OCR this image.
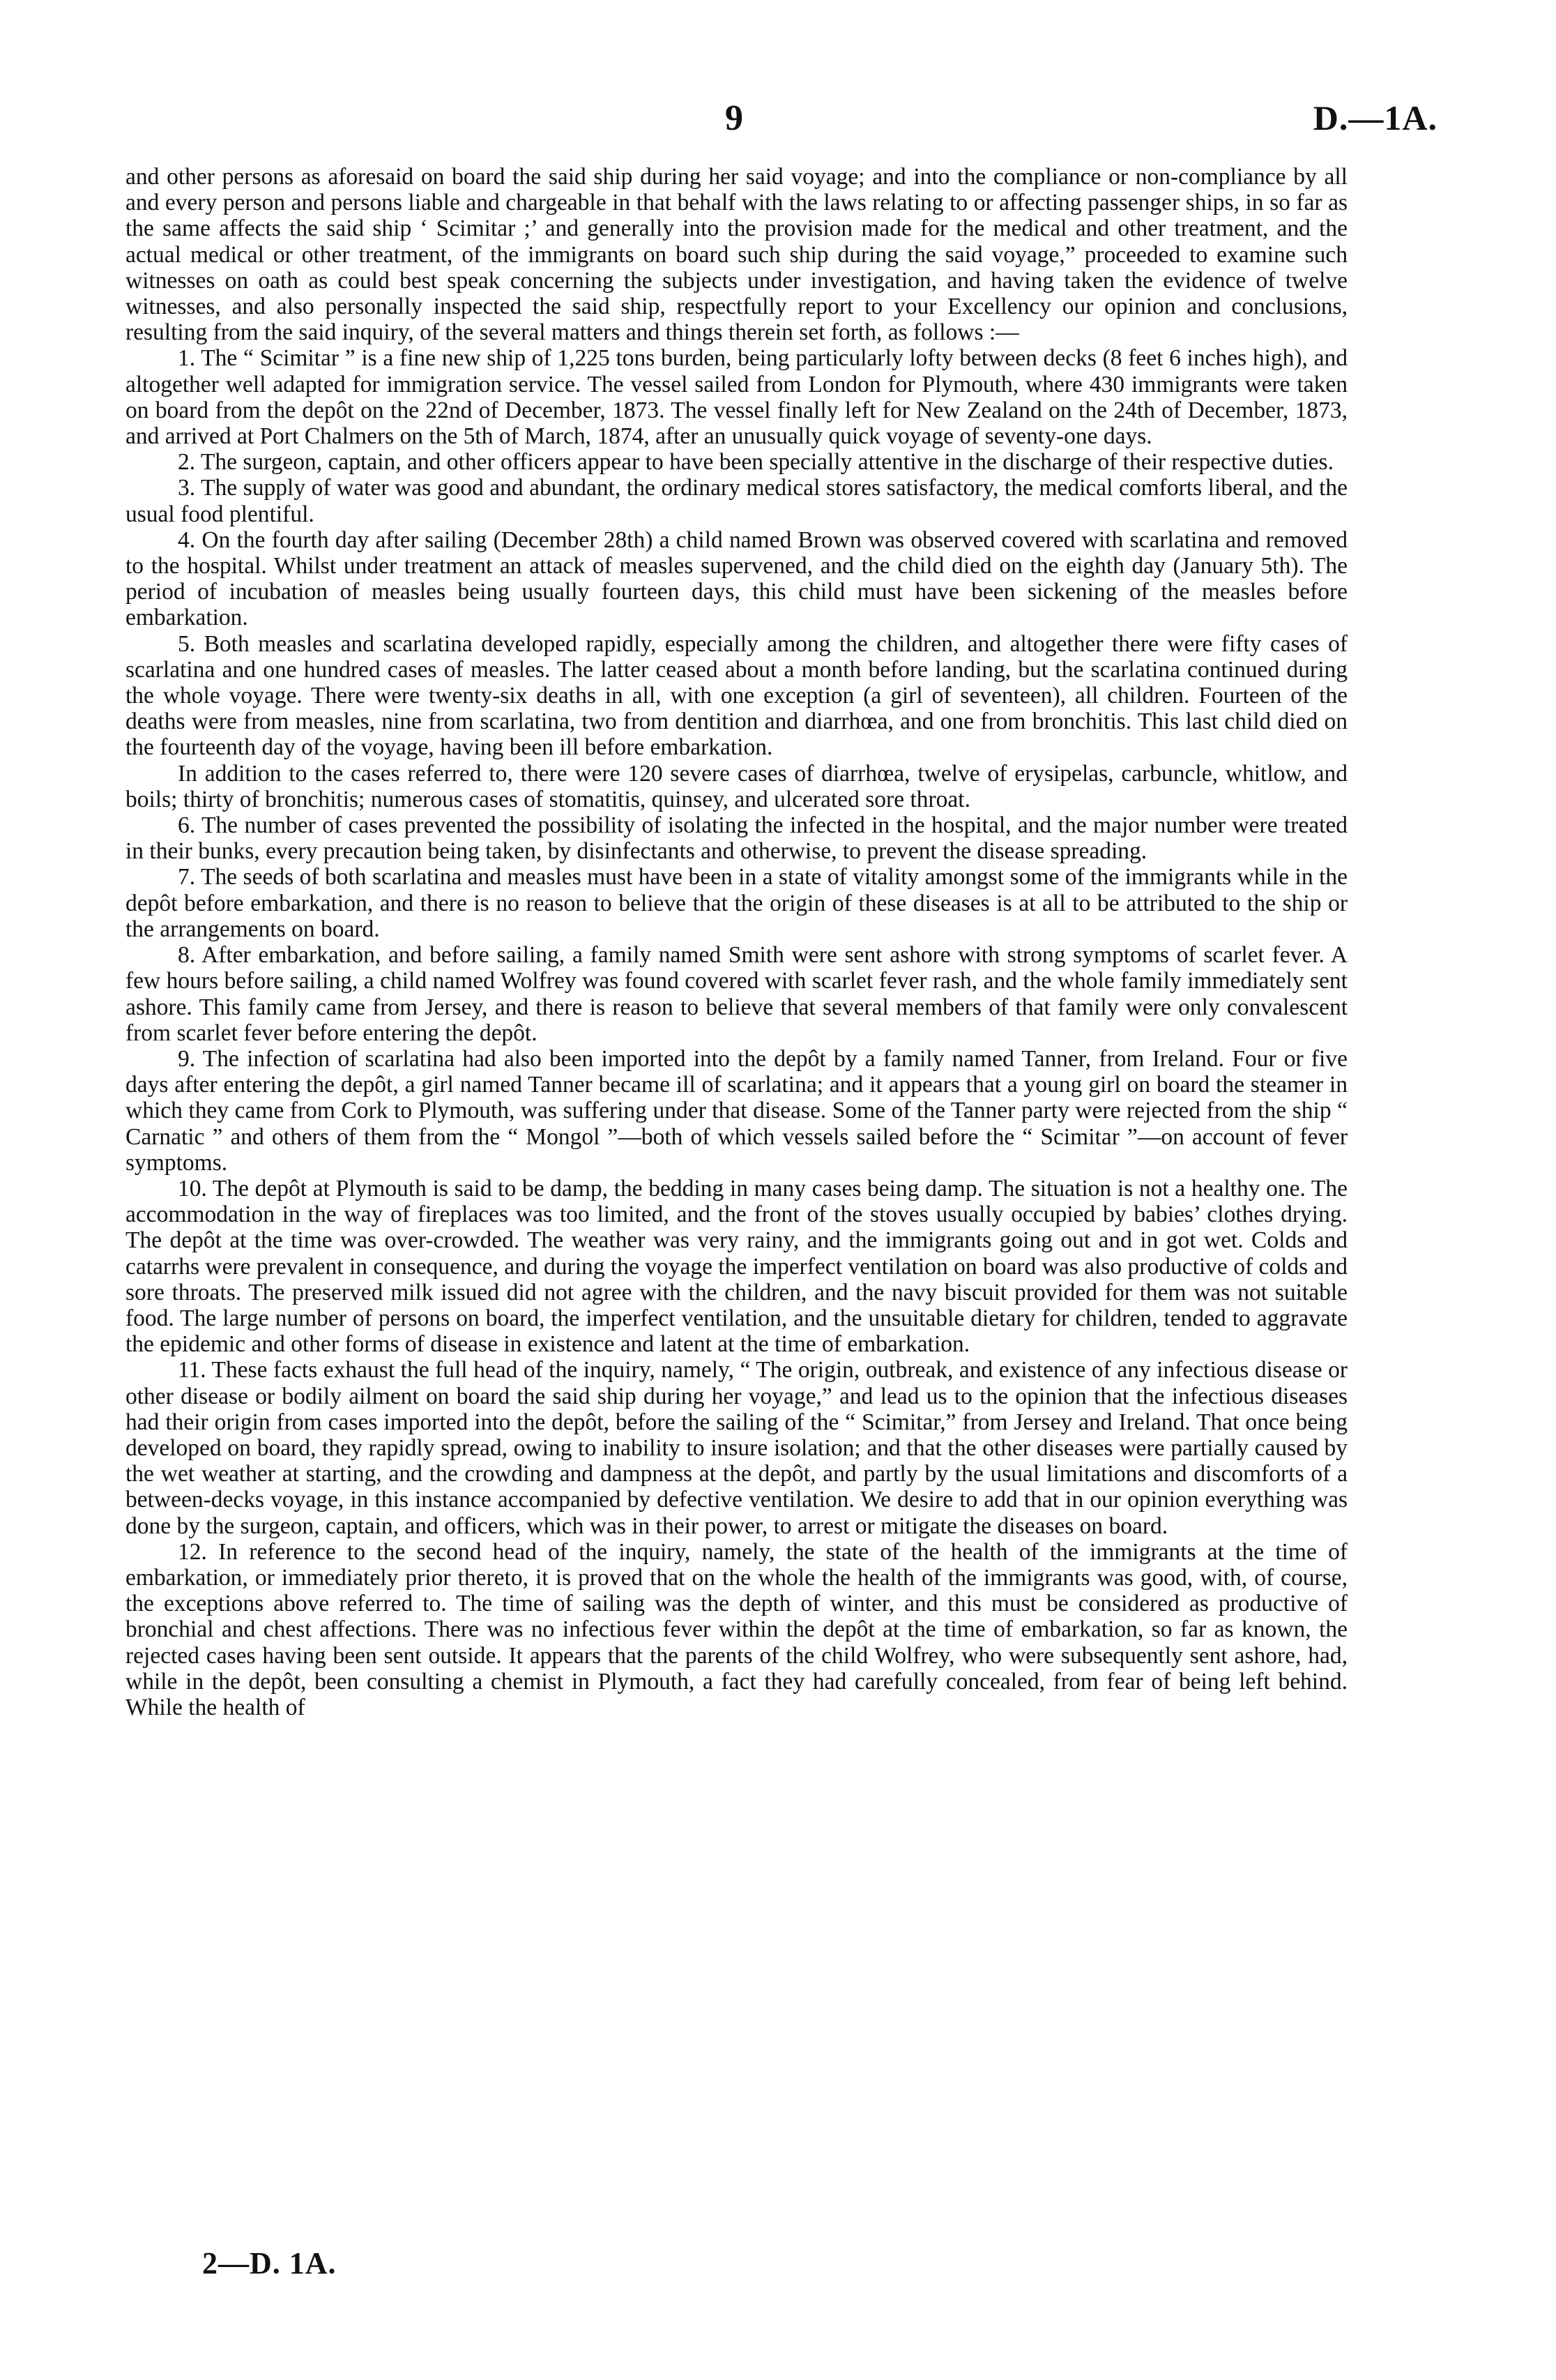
9	D.—1A.

and other persons as aforesaid on board the said ship during her said voyage; and into the compliance or non-compliance by all and every person and persons liable and chargeable in that behalf with the laws relating to or affecting passenger ships, in so far as the same affects the said ship ‘ Scimitar ;’ and generally into the provision made for the medical and other treatment, and the actual medical or other treatment, of the immigrants on board such ship during the said voyage,” proceeded to examine such witnesses on oath as could best speak concerning the subjects under investigation, and having taken the evidence of twelve witnesses, and also personally inspected the said ship, respectfully report to your Excellency our opinion and conclusions, resulting from the said inquiry, of the several matters and things therein set forth, as follows :—

1. The “ Scimitar ” is a fine new ship of 1,225 tons burden, being particularly lofty between decks (8 feet 6 inches high), and altogether well adapted for immigration service. The vessel sailed from London for Plymouth, where 430 immigrants were taken on board from the depôt on the 22nd of December, 1873. The vessel finally left for New Zealand on the 24th of December, 1873, and arrived at Port Chalmers on the 5th of March, 1874, after an unusually quick voyage of seventy-one days.

2. The surgeon, captain, and other officers appear to have been specially attentive in the discharge of their respective duties.

3. The supply of water was good and abundant, the ordinary medical stores satisfactory, the medical comforts liberal, and the usual food plentiful.

4. On the fourth day after sailing (December 28th) a child named Brown was observed covered with scarlatina and removed to the hospital. Whilst under treatment an attack of measles supervened, and the child died on the eighth day (January 5th). The period of incubation of measles being usually fourteen days, this child must have been sickening of the measles before embarkation.

5. Both measles and scarlatina developed rapidly, especially among the children, and altogether there were fifty cases of scarlatina and one hundred cases of measles. The latter ceased about a month before landing, but the scarlatina continued during the whole voyage. There were twenty-six deaths in all, with one exception (a girl of seventeen), all children. Fourteen of the deaths were from measles, nine from scarlatina, two from dentition and diarrhœa, and one from bronchitis. This last child died on the fourteenth day of the voyage, having been ill before embarkation.

In addition to the cases referred to, there were 120 severe cases of diarrhœa, twelve of erysipelas, carbuncle, whitlow, and boils; thirty of bronchitis; numerous cases of stomatitis, quinsey, and ulcerated sore throat.

6. The number of cases prevented the possibility of isolating the infected in the hospital, and the major number were treated in their bunks, every precaution being taken, by disinfectants and otherwise, to prevent the disease spreading.

7. The seeds of both scarlatina and measles must have been in a state of vitality amongst some of the immigrants while in the depôt before embarkation, and there is no reason to believe that the origin of these diseases is at all to be attributed to the ship or the arrangements on board.

8. After embarkation, and before sailing, a family named Smith were sent ashore with strong symptoms of scarlet fever. A few hours before sailing, a child named Wolfrey was found covered with scarlet fever rash, and the whole family immediately sent ashore. This family came from Jersey, and there is reason to believe that several members of that family were only convalescent from scarlet fever before entering the depôt.

9. The infection of scarlatina had also been imported into the depôt by a family named Tanner, from Ireland. Four or five days after entering the depôt, a girl named Tanner became ill of scarlatina; and it appears that a young girl on board the steamer in which they came from Cork to Plymouth, was suffering under that disease. Some of the Tanner party were rejected from the ship “ Carnatic ” and others of them from the “ Mongol ”—both of which vessels sailed before the “ Scimitar ”—on account of fever symptoms.

10. The depôt at Plymouth is said to be damp, the bedding in many cases being damp. The situation is not a healthy one. The accommodation in the way of fireplaces was too limited, and the front of the stoves usually occupied by babies’ clothes drying. The depôt at the time was over-crowded. The weather was very rainy, and the immigrants going out and in got wet. Colds and catarrhs were prevalent in consequence, and during the voyage the imperfect ventilation on board was also productive of colds and sore throats. The preserved milk issued did not agree with the children, and the navy biscuit provided for them was not suitable food. The large number of persons on board, the imperfect ventilation, and the unsuitable dietary for children, tended to aggravate the epidemic and other forms of disease in existence and latent at the time of embarkation.

11. These facts exhaust the full head of the inquiry, namely, “ The origin, outbreak, and existence of any infectious disease or other disease or bodily ailment on board the said ship during her voyage,” and lead us to the opinion that the infectious diseases had their origin from cases imported into the depôt, before the sailing of the “ Scimitar,” from Jersey and Ireland. That once being developed on board, they rapidly spread, owing to inability to insure isolation; and that the other diseases were partially caused by the wet weather at starting, and the crowding and dampness at the depôt, and partly by the usual limitations and discomforts of a between-decks voyage, in this instance accompanied by defective ventilation. We desire to add that in our opinion everything was done by the surgeon, captain, and officers, which was in their power, to arrest or mitigate the diseases on board.

12. In reference to the second head of the inquiry, namely, the state of the health of the immigrants at the time of embarkation, or immediately prior thereto, it is proved that on the whole the health of the immigrants was good, with, of course, the exceptions above referred to. The time of sailing was the depth of winter, and this must be considered as productive of bronchial and chest affections. There was no infectious fever within the depôt at the time of embarkation, so far as known, the rejected cases having been sent outside. It appears that the parents of the child Wolfrey, who were subsequently sent ashore, had, while in the depôt, been consulting a chemist in Plymouth, a fact they had carefully concealed, from fear of being left behind. While the health of

2—D. 1A.
